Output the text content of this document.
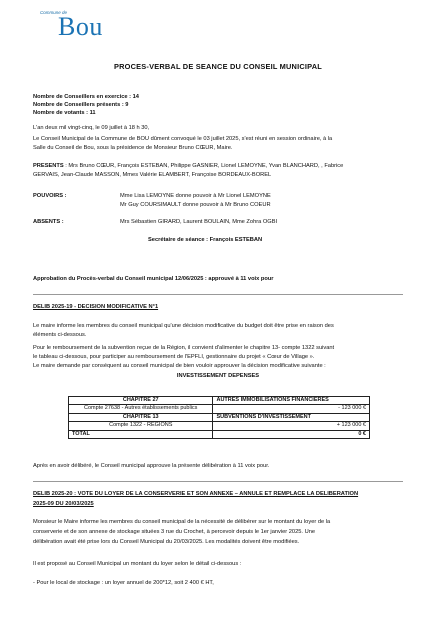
Commune de
Bou
PROCES-VERBAL DE SEANCE DU CONSEIL MUNICIPAL
Nombre de Conseillers en exercice : 14
Nombre de Conseillers présents : 9
Nombre de votants : 11
L'an deux mil vingt-cinq, le 09 juillet à 18 h 30,
Le Conseil Municipal de la Commune de BOU dûment convoqué le 03 juillet 2025, s'est réuni en session ordinaire, à la
Salle du Conseil de Bou, sous la présidence de Monsieur Bruno CŒUR, Maire.
PRESENTS : Mrs Bruno CŒUR, François ESTEBAN, Philippe GASNIER, Lionel LEMOYNE, Yvan BLANCHARD, , Fabrice
GERVAIS, Jean-Claude MASSON, Mmes Valérie ELAMBERT, Françoise BORDEAUX-BOREL
POUVOIRS :	Mme Lisa LEMOYNE donne pouvoir à Mr Lionel LEMOYNE
Mr Guy COURSIMAULT donne pouvoir à Mr Bruno COEUR
ABSENTS :	Mrs Sébastien GIRARD, Laurent BOULAIN, Mme Zohra OGBI
Secrétaire de séance : François ESTEBAN
Approbation du Procès-verbal du Conseil municipal 12/06/2025 : approuvé à 11 voix pour
DELIB 2025-19 - DECISION MODIFICATIVE N°1
Le maire informe les membres du conseil municipal qu'une décision modificative du budget doit être prise en raison des
éléments ci-dessous.
Pour le remboursement de la subvention reçue de la Région, il convient d'alimenter le chapitre 13- compte 1322 suivant
le tableau ci-dessous, pour participer au remboursement de l'EPFLI, gestionnaire du projet « Cœur de Village ».
Le maire demande par conséquent au conseil municipal de bien vouloir approuver la décision modificative suivante :
INVESTISSEMENT DEPENSES
CHAPITRE 27	AUTRES IMMOBILISATIONS FINANCIERES
Compte 27638 - Autres établissements publics	- 123 000 €
CHAPITRE 13	SUBVENTIONS D'INVESTISSEMENT
Compte 1322 - REGIONS	+ 123 000 €
TOTAL	0 €
Après en avoir délibéré, le Conseil municipal approuve la présente délibération à 11 voix pour.
DELIB 2025-20 : VOTE DU LOYER DE LA CONSERVERIE ET SON ANNEXE – ANNULE ET REMPLACE LA DELIBERATION
2025-09 DU 20/03/2025
Monsieur le Maire informe les membres du conseil municipal de la nécessité de délibérer sur le montant du loyer de la
conserverie et de son annexe de stockage situées 3 rue du Crochet, à percevoir depuis le 1er janvier 2025. Une
délibération avait été prise lors du Conseil Municipal du 20/03/2025. Les modalités doivent être modifiées.
Il est proposé au Conseil Municipal un montant du loyer selon le détail ci-dessous :
- Pour le local de stockage : un loyer annuel de 200*12, soit 2 400 € HT,
